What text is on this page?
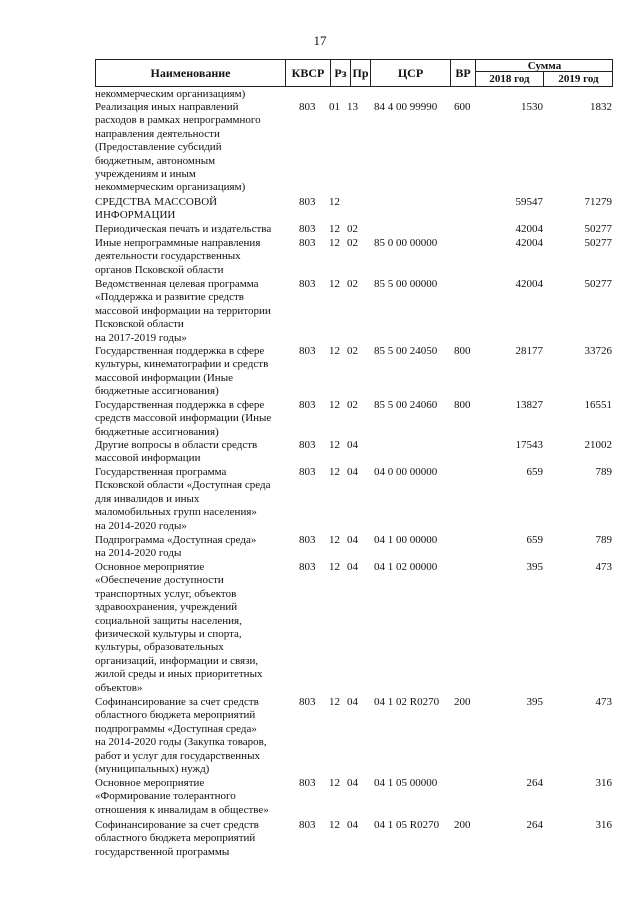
17
Наименование	КВСР Рз Пр	ЦСР	ВР	Сумма
2018 год	2019 год
некоммерческим организациям)
Реализация иных направлений
расходов в рамках непрограммного
направления деятельности
(Предоставление субсидий
бюджетным, автономным
учреждениям и иным
некоммерческим организациям)
803 01 13 84 4 00 99990 600	1530	1832
СРЕДСТВА МАССОВОЙ
ИНФОРМАЦИИ
803 12	59547	71279
Периодическая печать и издательства	803 12 02	42004	50277
Иные непрограммные направления
деятельности государственных
органов Псковской области
803 12 02 85 0 00 00000	42004	50277
Ведомственная целевая программа
«Поддержка и развитие средств
массовой информации на территории
Псковской области
на 2017-2019 годы»
803 12 02 85 5 00 00000	42004	50277
Государственная поддержка в сфере
культуры, кинематографии и средств
массовой информации (Иные
бюджетные ассигнования)
803 12 02 85 5 00 24050 800	28177	33726
Государственная поддержка в сфере
средств массовой информации (Иные
бюджетные ассигнования)
803 12 02 85 5 00 24060 800	13827	16551
Другие вопросы в области средств
массовой информации
803 12 04	17543	21002
Государственная программа
Псковской области «Доступная среда
для инвалидов и иных
маломобильных групп населения»
на 2014-2020 годы»
803 12 04 04 0 00 00000	659	789
Подпрограмма «Доступная среда»
на 2014-2020 годы
803 12 04 04 1 00 00000	659	789
Основное мероприятие
«Обеспечение доступности
транспортных услуг, объектов
здравоохранения, учреждений
социальной защиты населения,
физической культуры и спорта,
культуры, образовательных
организаций, информации и связи,
жилой среды и иных приоритетных
объектов»
803 12 04 04 1 02 00000	395	473
Софинансирование за счет средств
областного бюджета мероприятий
подпрограммы «Доступная среда»
на 2014-2020 годы (Закупка товаров,
работ и услуг для государственных
(муниципальных) нужд)
803 12 04 04 1 02 R0270 200	395	473
Основное мероприятие
«Формирование толерантного
отношения к инвалидам в обществе»
803 12 04 04 1 05 00000	264	316
Софинансирование за счет средств
областного бюджета мероприятий
государственной программы
803 12 04 04 1 05 R0270 200	264	316
